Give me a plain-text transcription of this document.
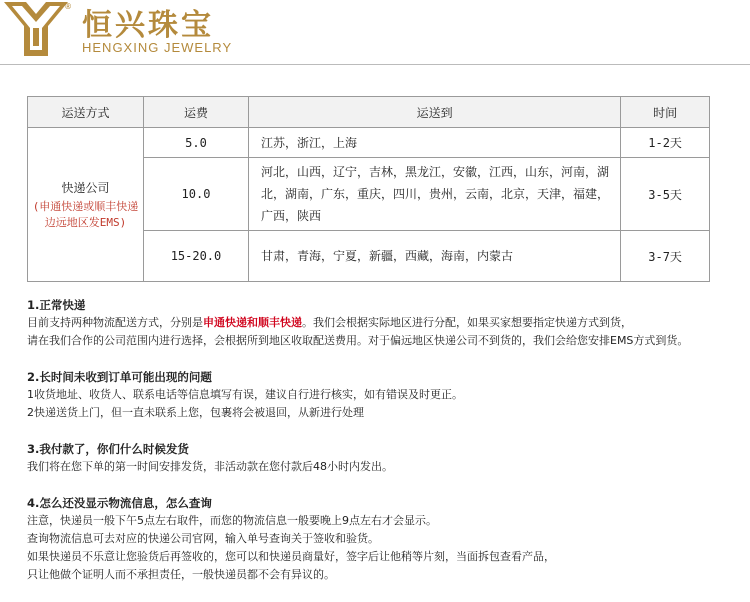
®
恒兴珠宝
HENGXING JEWELRY
运送方式	运费	运送到	时间

快递公司
(申通快递或顺丰快递 边远地区发EMS)	5.0	江苏，浙江，上海	1-2天
	10.0	河北，山西，辽宁，吉林，黑龙江，安徽，江西，山东，河南，湖北，湖南，广东，重庆，四川，贵州，云南，北京，天津，福建，广西，陕西	3-5天
	15-20.0	甘肃，青海，宁夏，新疆，西藏，海南，内蒙古	3-7天
1.正常快递
目前支持两种物流配送方式，分别是申通快递和顺丰快递。我们会根据实际地区进行分配，如果买家想要指定快递方式到货，
请在我们合作的公司范围内进行选择，会根据所到地区收取配送费用。对于偏远地区快递公司不到货的，我们会给您安排EMS方式到货。
2.长时间未收到订单可能出现的问题
1收货地址、收货人、联系电话等信息填写有误，建议自行进行核实，如有错误及时更正。
2快递送货上门，但一直未联系上您，包裹将会被退回，从新进行处理
3.我付款了，你们什么时候发货
我们将在您下单的第一时间安排发货，非活动款在您付款后48小时内发出。
4.怎么还没显示物流信息，怎么查询
注意，快递员一般下午5点左右取件，而您的物流信息一般要晚上9点左右才会显示。
查询物流信息可去对应的快递公司官网，输入单号查询关于签收和验货。
如果快递员不乐意让您验货后再签收的，您可以和快递员商量好，签字后让他稍等片刻，当面拆包查看产品，
只让他做个证明人而不承担责任，一般快递员都不会有异议的。
